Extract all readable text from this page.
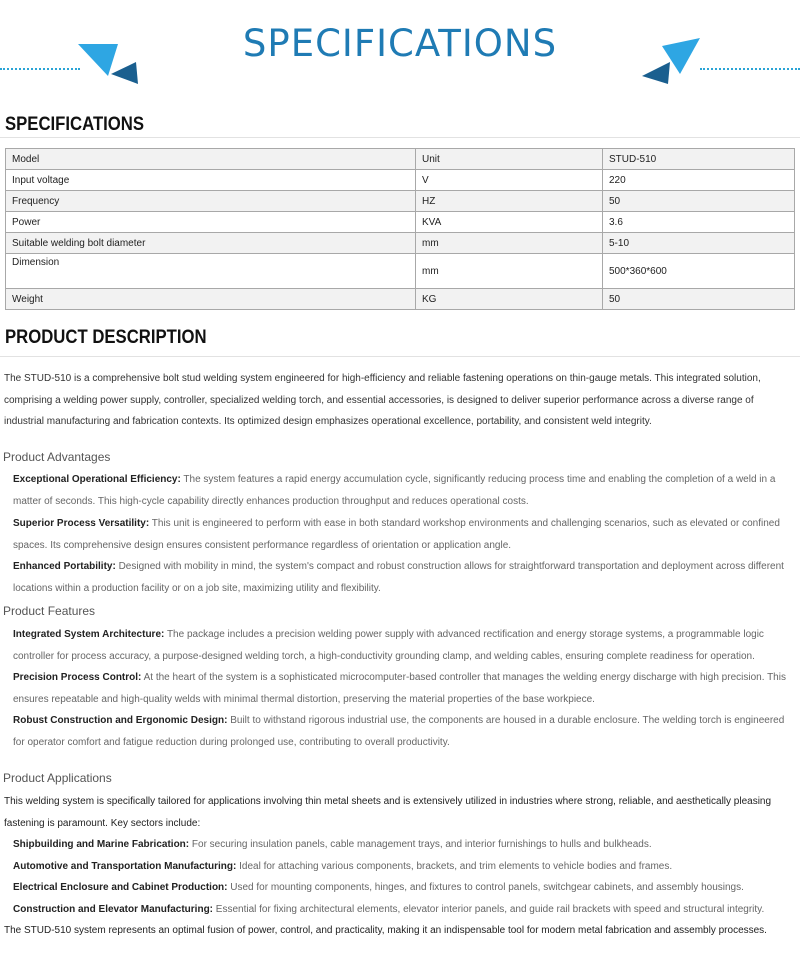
SPECIFICATIONS
SPECIFICATIONS
Model	Unit	STUD-510
Input voltage	V	220
Frequency	HZ	50
Power	KVA	3.6
Suitable welding bolt diameter	mm	5-10
Dimension	mm	500*360*600
Weight	KG	50
PRODUCT DESCRIPTION
The STUD-510 is a comprehensive bolt stud welding system engineered for high-efficiency and reliable fastening operations on thin-gauge metals. This integrated solution, comprising a welding power supply, controller, specialized welding torch, and essential accessories, is designed to deliver superior performance across a diverse range of industrial manufacturing and fabrication contexts. Its optimized design emphasizes operational excellence, portability, and consistent weld integrity.
Product Advantages
Exceptional Operational Efficiency: The system features a rapid energy accumulation cycle, significantly reducing process time and enabling the completion of a weld in a matter of seconds. This high-cycle capability directly enhances production throughput and reduces operational costs.
Superior Process Versatility: This unit is engineered to perform with ease in both standard workshop environments and challenging scenarios, such as elevated or confined spaces. Its comprehensive design ensures consistent performance regardless of orientation or application angle.
Enhanced Portability: Designed with mobility in mind, the system's compact and robust construction allows for straightforward transportation and deployment across different locations within a production facility or on a job site, maximizing utility and flexibility.
Product Features
Integrated System Architecture: The package includes a precision welding power supply with advanced rectification and energy storage systems, a programmable logic controller for process accuracy, a purpose-designed welding torch, a high-conductivity grounding clamp, and welding cables, ensuring complete readiness for operation.
Precision Process Control: At the heart of the system is a sophisticated microcomputer-based controller that manages the welding energy discharge with high precision. This ensures repeatable and high-quality welds with minimal thermal distortion, preserving the material properties of the base workpiece.
Robust Construction and Ergonomic Design: Built to withstand rigorous industrial use, the components are housed in a durable enclosure. The welding torch is engineered for operator comfort and fatigue reduction during prolonged use, contributing to overall productivity.
Product Applications
This welding system is specifically tailored for applications involving thin metal sheets and is extensively utilized in industries where strong, reliable, and aesthetically pleasing fastening is paramount. Key sectors include:
Shipbuilding and Marine Fabrication: For securing insulation panels, cable management trays, and interior furnishings to hulls and bulkheads.
Automotive and Transportation Manufacturing: Ideal for attaching various components, brackets, and trim elements to vehicle bodies and frames.
Electrical Enclosure and Cabinet Production: Used for mounting components, hinges, and fixtures to control panels, switchgear cabinets, and assembly housings.
Construction and Elevator Manufacturing: Essential for fixing architectural elements, elevator interior panels, and guide rail brackets with speed and structural integrity.
The STUD-510 system represents an optimal fusion of power, control, and practicality, making it an indispensable tool for modern metal fabrication and assembly processes.
